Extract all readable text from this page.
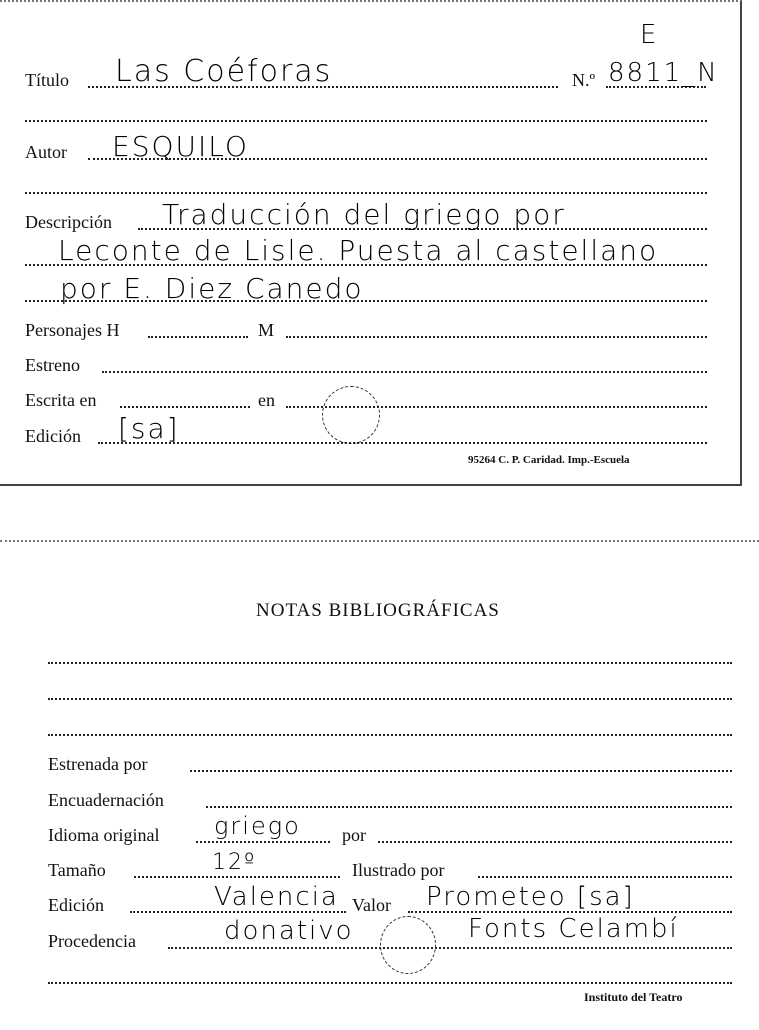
E
Título Las Coéforas	N.º 8811_N
Autor ESQUILO
Descripción Traducción del griego por
Leconte de Lisle. Puesta al castellano
por E. Diez Canedo
Personajes H	M
Estreno
Escrita en	en
Edición [sa]
95264 C. P. Caridad. Imp.-Escuela
NOTAS BIBLIOGRÁFICAS
Estrenada por
Encuadernación
Idioma original griego por
Tamaño	12º	Ilustrado por
Edición	Valencia Valor Prometeo [sa]
Procedencia	donativo	Fonts Celambí
Instituto del Teatro
